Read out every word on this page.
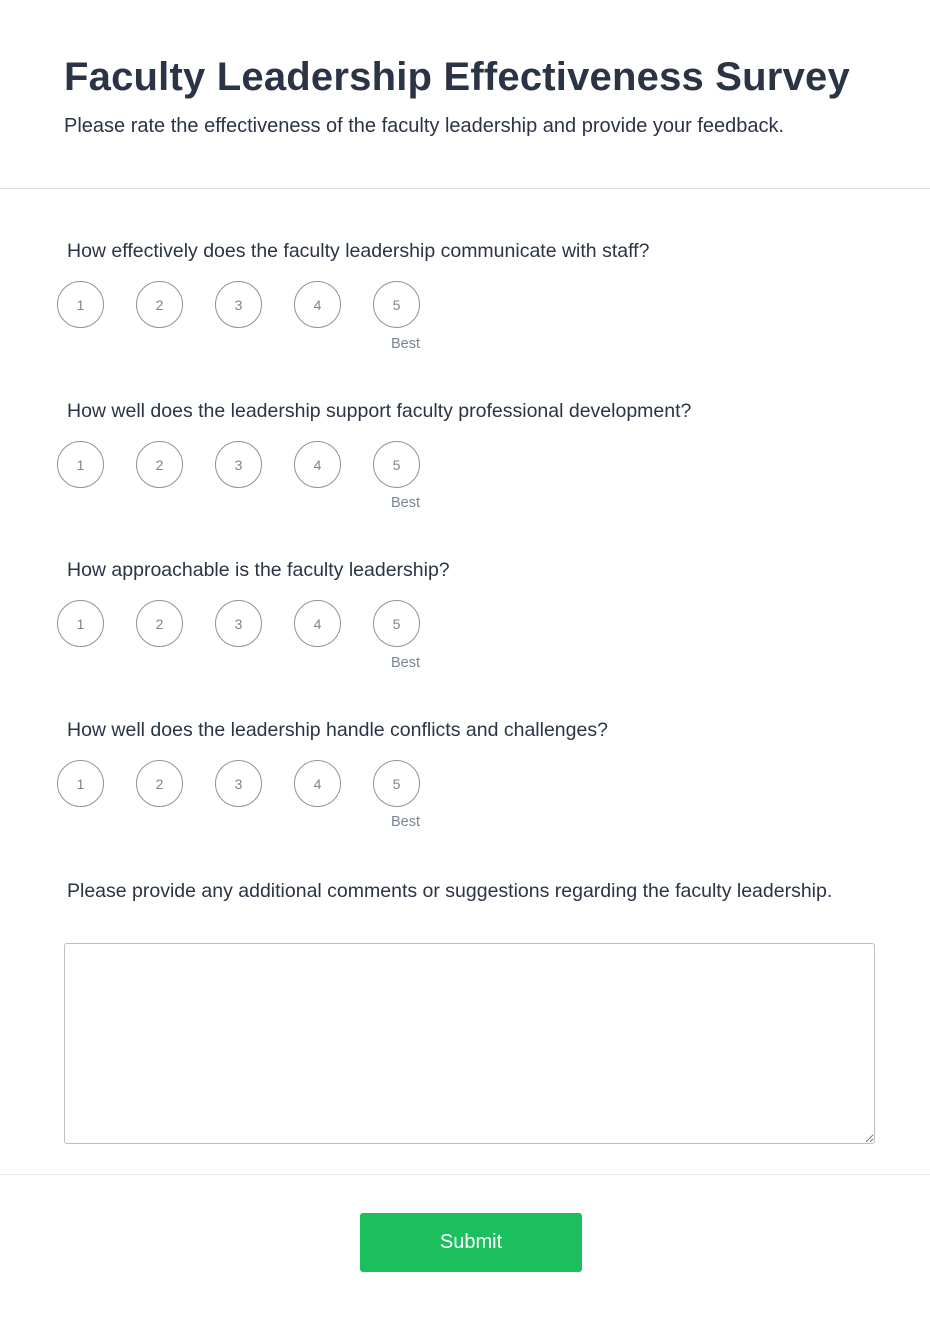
Faculty Leadership Effectiveness Survey

Please rate the effectiveness of the faculty leadership and provide your feedback.

How effectively does the faculty leadership communicate with staff?

1	2	3	4	5
Best

How well does the leadership support faculty professional development?

1	2	3	4	5
Best

How approachable is the faculty leadership?

1	2	3	4	5
Best

How well does the leadership handle conflicts and challenges?

1	2	3	4	5
Best

Please provide any additional comments or suggestions regarding the faculty leadership.

Submit
